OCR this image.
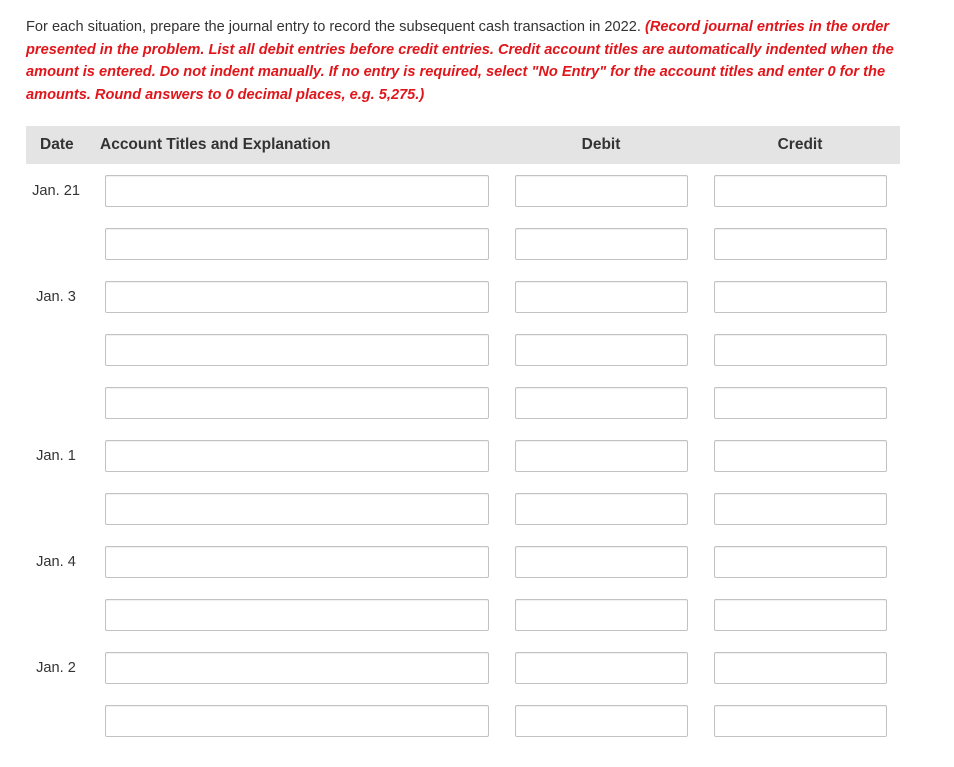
For each situation, prepare the journal entry to record the subsequent cash transaction in 2022. (Record journal entries in the order presented in the problem. List all debit entries before credit entries. Credit account titles are automatically indented when the amount is entered. Do not indent manually. If no entry is required, select "No Entry" for the account titles and enter 0 for the amounts. Round answers to 0 decimal places, e.g. 5,275.)

Date Account Titles and Explanation	Debit	Credit
Jan. 21
Jan. 3
Jan. 1
Jan. 4
Jan. 2
